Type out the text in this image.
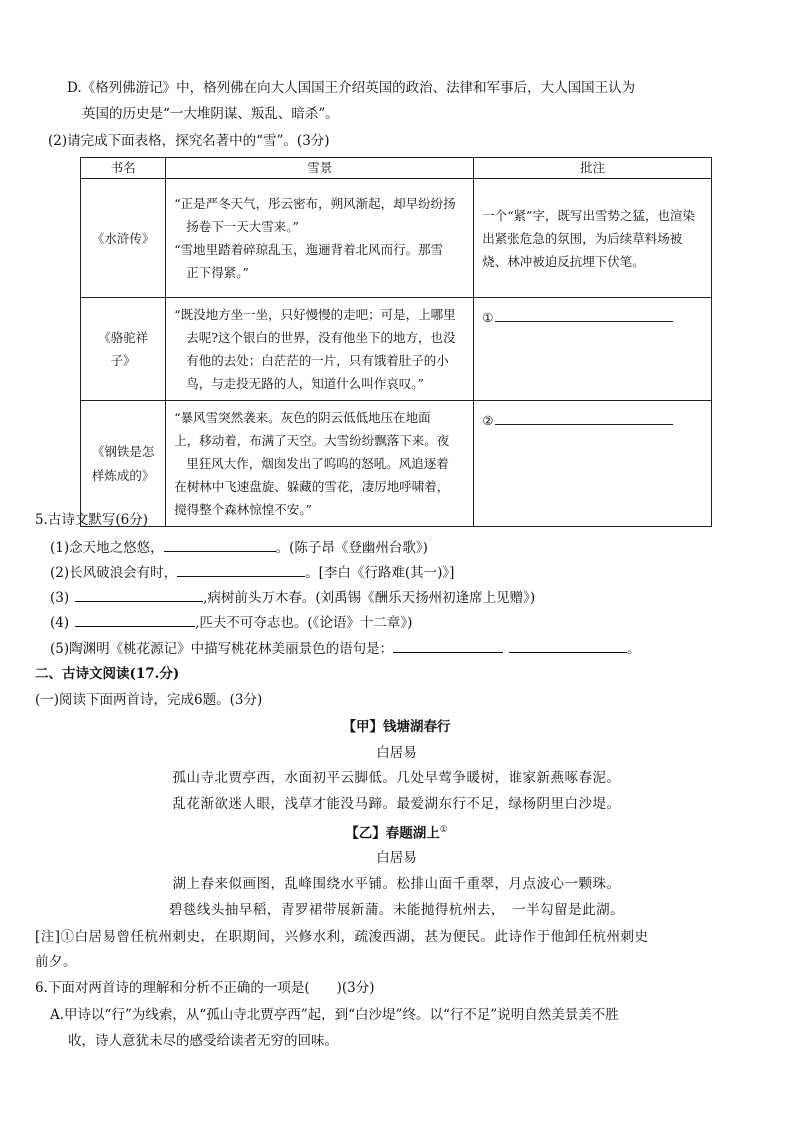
D.《格列佛游记》中，格列佛在向大人国国王介绍英国的政治、法律和军事后，大人国国王认为
英国的历史是“一大堆阴谋、叛乱、暗杀”。
(2)请完成下面表格，探究名著中的“雪”。(3分)
书名	雪景	批注
《水浒传》	“正是严冬天气，彤云密布，朔风渐起，却早纷纷扬
扬卷下一天大雪来。”
“雪地里踏着碎琼乱玉，迤逦背着北风而行。那雪
正下得紧。”	一个“紧”字，既写出雪势之猛，也渲染出紧张危急的氛围，为后续草料场被烧、林冲被迫反抗埋下伏笔。
《骆驼祥子》	“既没地方坐一坐，只好慢慢的走吧；可是，上哪里
去呢?这个银白的世界，没有他坐下的地方，也没
有他的去处；白茫茫的一片，只有饿着肚子的小
鸟，与走投无路的人，知道什么叫作哀叹。”	①
《钢铁是怎样炼成的》	“暴风雪突然袭来。灰色的阴云低低地压在地面
上，移动着，布满了天空。大雪纷纷飘落下来。夜
里狂风大作，烟囱发出了呜呜的怒吼。风追逐着
在树林中飞速盘旋、躲藏的雪花，凄厉地呼啸着，
搅得整个森林惊惶不安。”	②
5.古诗文默写(6分)
(1)念天地之悠悠，	。(陈子昂《登幽州台歌》)
(2)长风破浪会有时，	。[李白《行路难(其一)》]
(3)	,病树前头万木春。(刘禹锡《酬乐天扬州初逢席上见赠》)
(4)	,匹夫不可夺志也。(《论语》十二章》)
(5)陶渊明《桃花源记》中描写桃花林美丽景色的语句是：	。
二、古诗文阅读(17.分)
(一)阅读下面两首诗，完成6题。(3分)
【甲】钱塘湖春行
白居易
孤山寺北贾亭西，水面初平云脚低。几处早莺争暖树，谁家新燕啄春泥。
乱花渐欲迷人眼，浅草才能没马蹄。最爱湖东行不足，绿杨阴里白沙堤。
【乙】春题湖上①
白居易
湖上春来似画图，乱峰围绕水平铺。松排山面千重翠，月点波心一颗珠。
碧毯线头抽早稻，青罗裙带展新蒲。未能抛得杭州去，　一半勾留是此湖。
[注]①白居易曾任杭州刺史，在职期间，兴修水利，疏浚西湖，甚为便民。此诗作于他卸任杭州刺史
前夕。
6.下面对两首诗的理解和分析不正确的一项是(　　)(3分)
A.甲诗以“行”为线索，从“孤山寺北贾亭西”起，到“白沙堤”终。以“行不足”说明自然美景美不胜
收，诗人意犹未尽的感受给读者无穷的回味。
